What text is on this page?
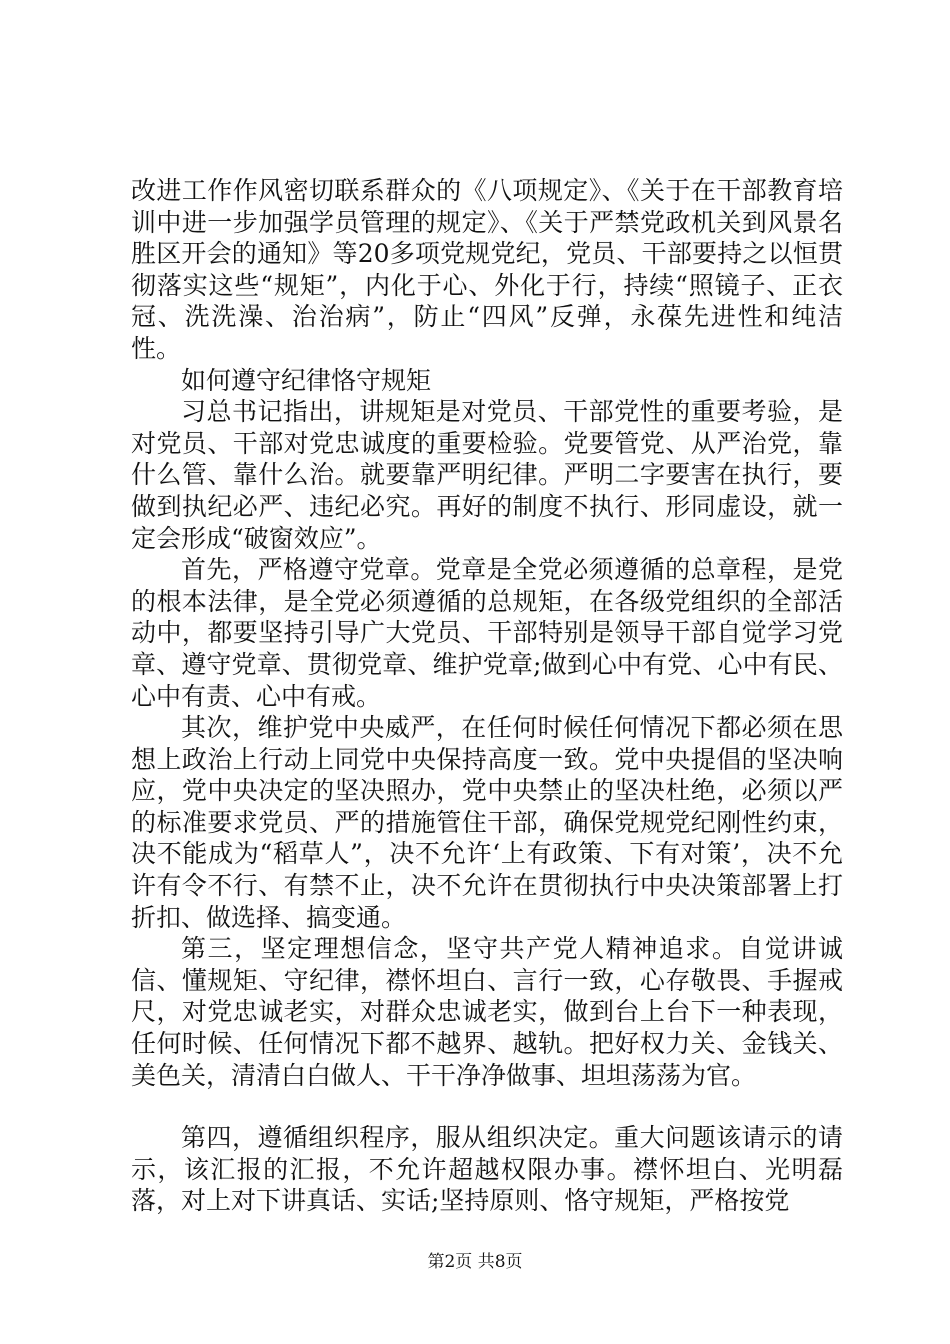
改进工作作风密切联系群众的《八项规定》、《关于在干部教育培训中进一步加强学员管理的规定》、《关于严禁党政机关到风景名胜区开会的通知》等20多项党规党纪，党员、干部要持之以恒贯彻落实这些“规矩”，内化于心、外化于行，持续“照镜子、正衣冠、洗洗澡、治治病”，防止“四风”反弹，永葆先进性和纯洁性。

如何遵守纪律恪守规矩

习总书记指出，讲规矩是对党员、干部党性的重要考验，是对党员、干部对党忠诚度的重要检验。党要管党、从严治党，靠什么管、靠什么治。就要靠严明纪律。严明二字要害在执行，要做到执纪必严、违纪必究。再好的制度不执行、形同虚设，就一定会形成“破窗效应”。

首先，严格遵守党章。党章是全党必须遵循的总章程，是党的根本法律，是全党必须遵循的总规矩，在各级党组织的全部活动中，都要坚持引导广大党员、干部特别是领导干部自觉学习党章、遵守党章、贯彻党章、维护党章;做到心中有党、心中有民、心中有责、心中有戒。

其次，维护党中央威严，在任何时候任何情况下都必须在思想上政治上行动上同党中央保持高度一致。党中央提倡的坚决响应，党中央决定的坚决照办，党中央禁止的坚决杜绝，必须以严的标准要求党员、严的措施管住干部，确保党规党纪刚性约束，决不能成为“稻草人”，决不允许‘上有政策、下有对策’，决不允许有令不行、有禁不止，决不允许在贯彻执行中央决策部署上打折扣、做选择、搞变通。

第三，坚定理想信念，坚守共产党人精神追求。自觉讲诚信、懂规矩、守纪律，襟怀坦白、言行一致，心存敬畏、手握戒尺，对党忠诚老实，对群众忠诚老实，做到台上台下一种表现，任何时候、任何情况下都不越界、越轨。把好权力关、金钱关、美色关，清清白白做人、干干净净做事、坦坦荡荡为官。

第四，遵循组织程序，服从组织决定。重大问题该请示的请示，该汇报的汇报，不允许超越权限办事。襟怀坦白、光明磊落，对上对下讲真话、实话;坚持原则、恪守规矩，严格按党

第2页 共8页
